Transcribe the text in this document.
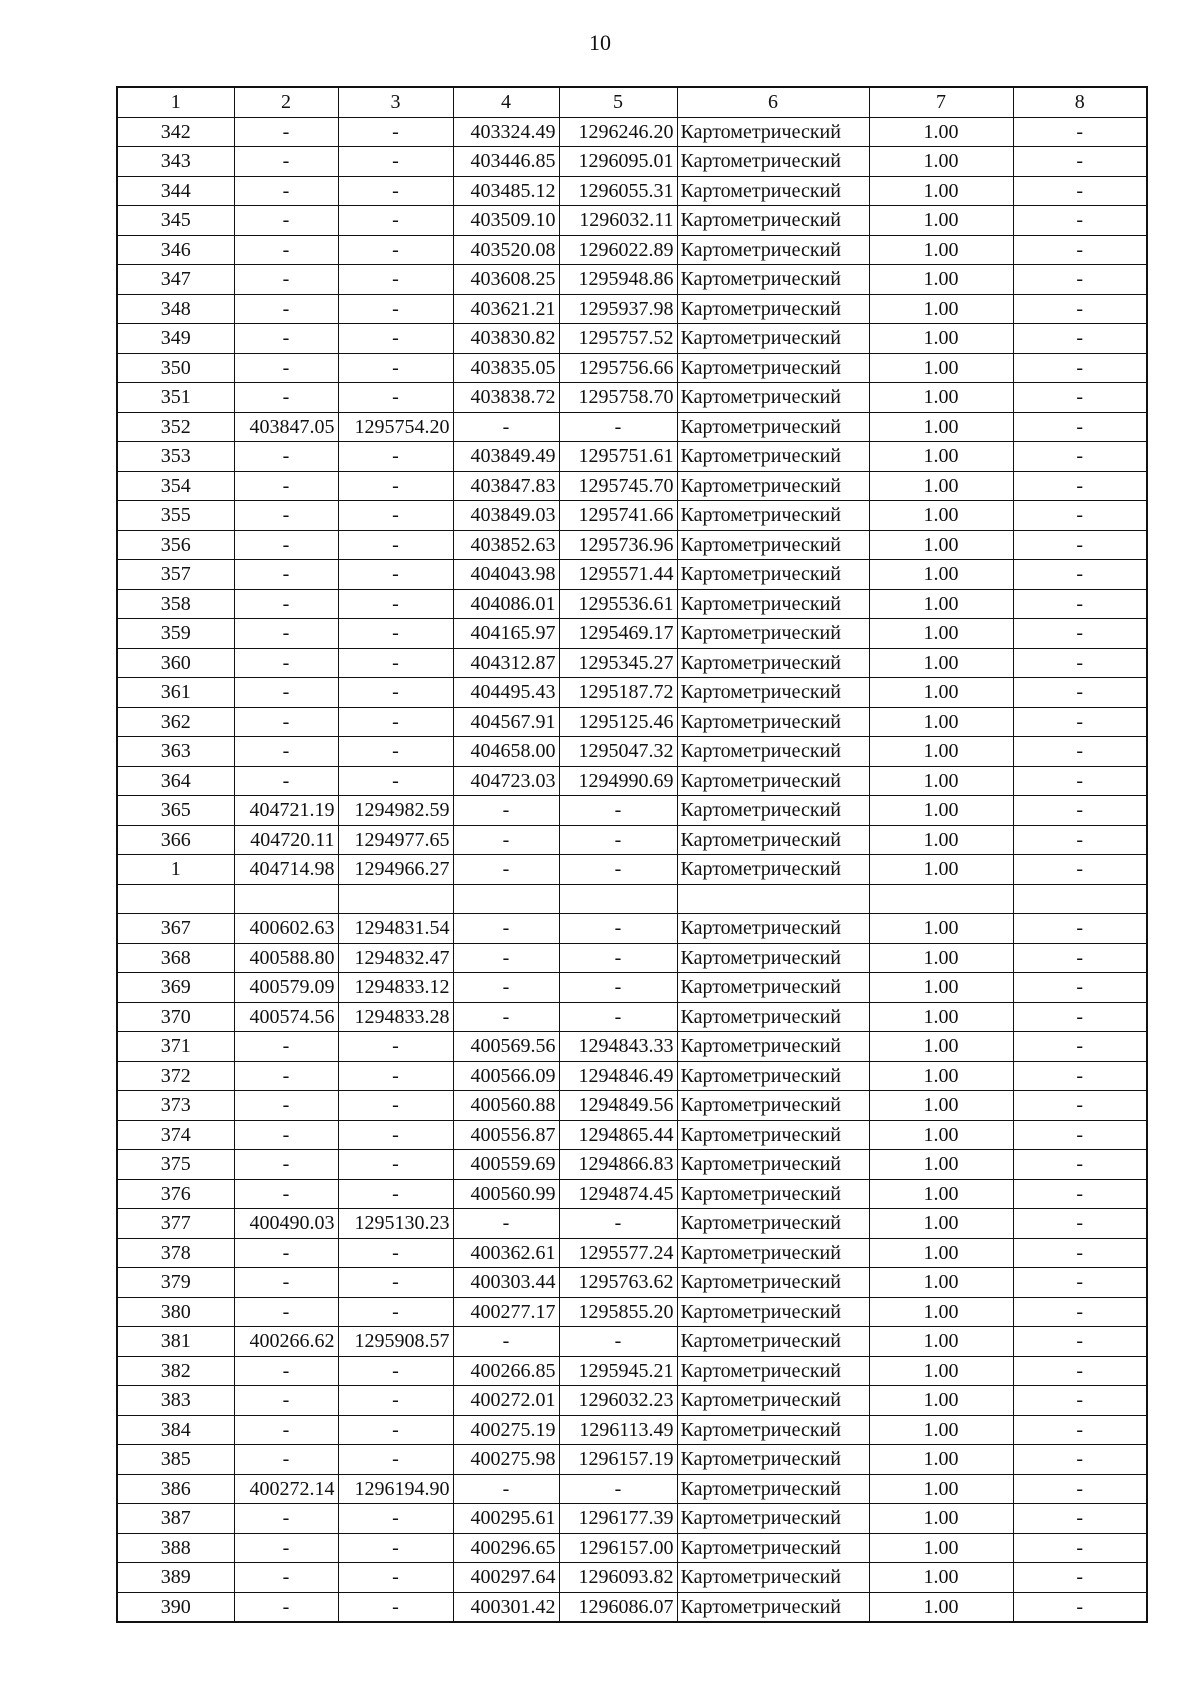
10
1	2	3	4	5	6	7	8
342	-	-	403324.49	1296246.20	Картометрический	1.00	-
343	-	-	403446.85	1296095.01	Картометрический	1.00	-
344	-	-	403485.12	1296055.31	Картометрический	1.00	-
345	-	-	403509.10	1296032.11	Картометрический	1.00	-
346	-	-	403520.08	1296022.89	Картометрический	1.00	-
347	-	-	403608.25	1295948.86	Картометрический	1.00	-
348	-	-	403621.21	1295937.98	Картометрический	1.00	-
349	-	-	403830.82	1295757.52	Картометрический	1.00	-
350	-	-	403835.05	1295756.66	Картометрический	1.00	-
351	-	-	403838.72	1295758.70	Картометрический	1.00	-
352	403847.05	1295754.20	-	-	Картометрический	1.00	-
353	-	-	403849.49	1295751.61	Картометрический	1.00	-
354	-	-	403847.83	1295745.70	Картометрический	1.00	-
355	-	-	403849.03	1295741.66	Картометрический	1.00	-
356	-	-	403852.63	1295736.96	Картометрический	1.00	-
357	-	-	404043.98	1295571.44	Картометрический	1.00	-
358	-	-	404086.01	1295536.61	Картометрический	1.00	-
359	-	-	404165.97	1295469.17	Картометрический	1.00	-
360	-	-	404312.87	1295345.27	Картометрический	1.00	-
361	-	-	404495.43	1295187.72	Картометрический	1.00	-
362	-	-	404567.91	1295125.46	Картометрический	1.00	-
363	-	-	404658.00	1295047.32	Картометрический	1.00	-
364	-	-	404723.03	1294990.69	Картометрический	1.00	-
365	404721.19	1294982.59	-	-	Картометрический	1.00	-
366	404720.11	1294977.65	-	-	Картометрический	1.00	-
1	404714.98	1294966.27	-	-	Картометрический	1.00	-

367	400602.63	1294831.54	-	-	Картометрический	1.00	-
368	400588.80	1294832.47	-	-	Картометрический	1.00	-
369	400579.09	1294833.12	-	-	Картометрический	1.00	-
370	400574.56	1294833.28	-	-	Картометрический	1.00	-
371	-	-	400569.56	1294843.33	Картометрический	1.00	-
372	-	-	400566.09	1294846.49	Картометрический	1.00	-
373	-	-	400560.88	1294849.56	Картометрический	1.00	-
374	-	-	400556.87	1294865.44	Картометрический	1.00	-
375	-	-	400559.69	1294866.83	Картометрический	1.00	-
376	-	-	400560.99	1294874.45	Картометрический	1.00	-
377	400490.03	1295130.23	-	-	Картометрический	1.00	-
378	-	-	400362.61	1295577.24	Картометрический	1.00	-
379	-	-	400303.44	1295763.62	Картометрический	1.00	-
380	-	-	400277.17	1295855.20	Картометрический	1.00	-
381	400266.62	1295908.57	-	-	Картометрический	1.00	-
382	-	-	400266.85	1295945.21	Картометрический	1.00	-
383	-	-	400272.01	1296032.23	Картометрический	1.00	-
384	-	-	400275.19	1296113.49	Картометрический	1.00	-
385	-	-	400275.98	1296157.19	Картометрический	1.00	-
386	400272.14	1296194.90	-	-	Картометрический	1.00	-
387	-	-	400295.61	1296177.39	Картометрический	1.00	-
388	-	-	400296.65	1296157.00	Картометрический	1.00	-
389	-	-	400297.64	1296093.82	Картометрический	1.00	-
390	-	-	400301.42	1296086.07	Картометрический	1.00	-
